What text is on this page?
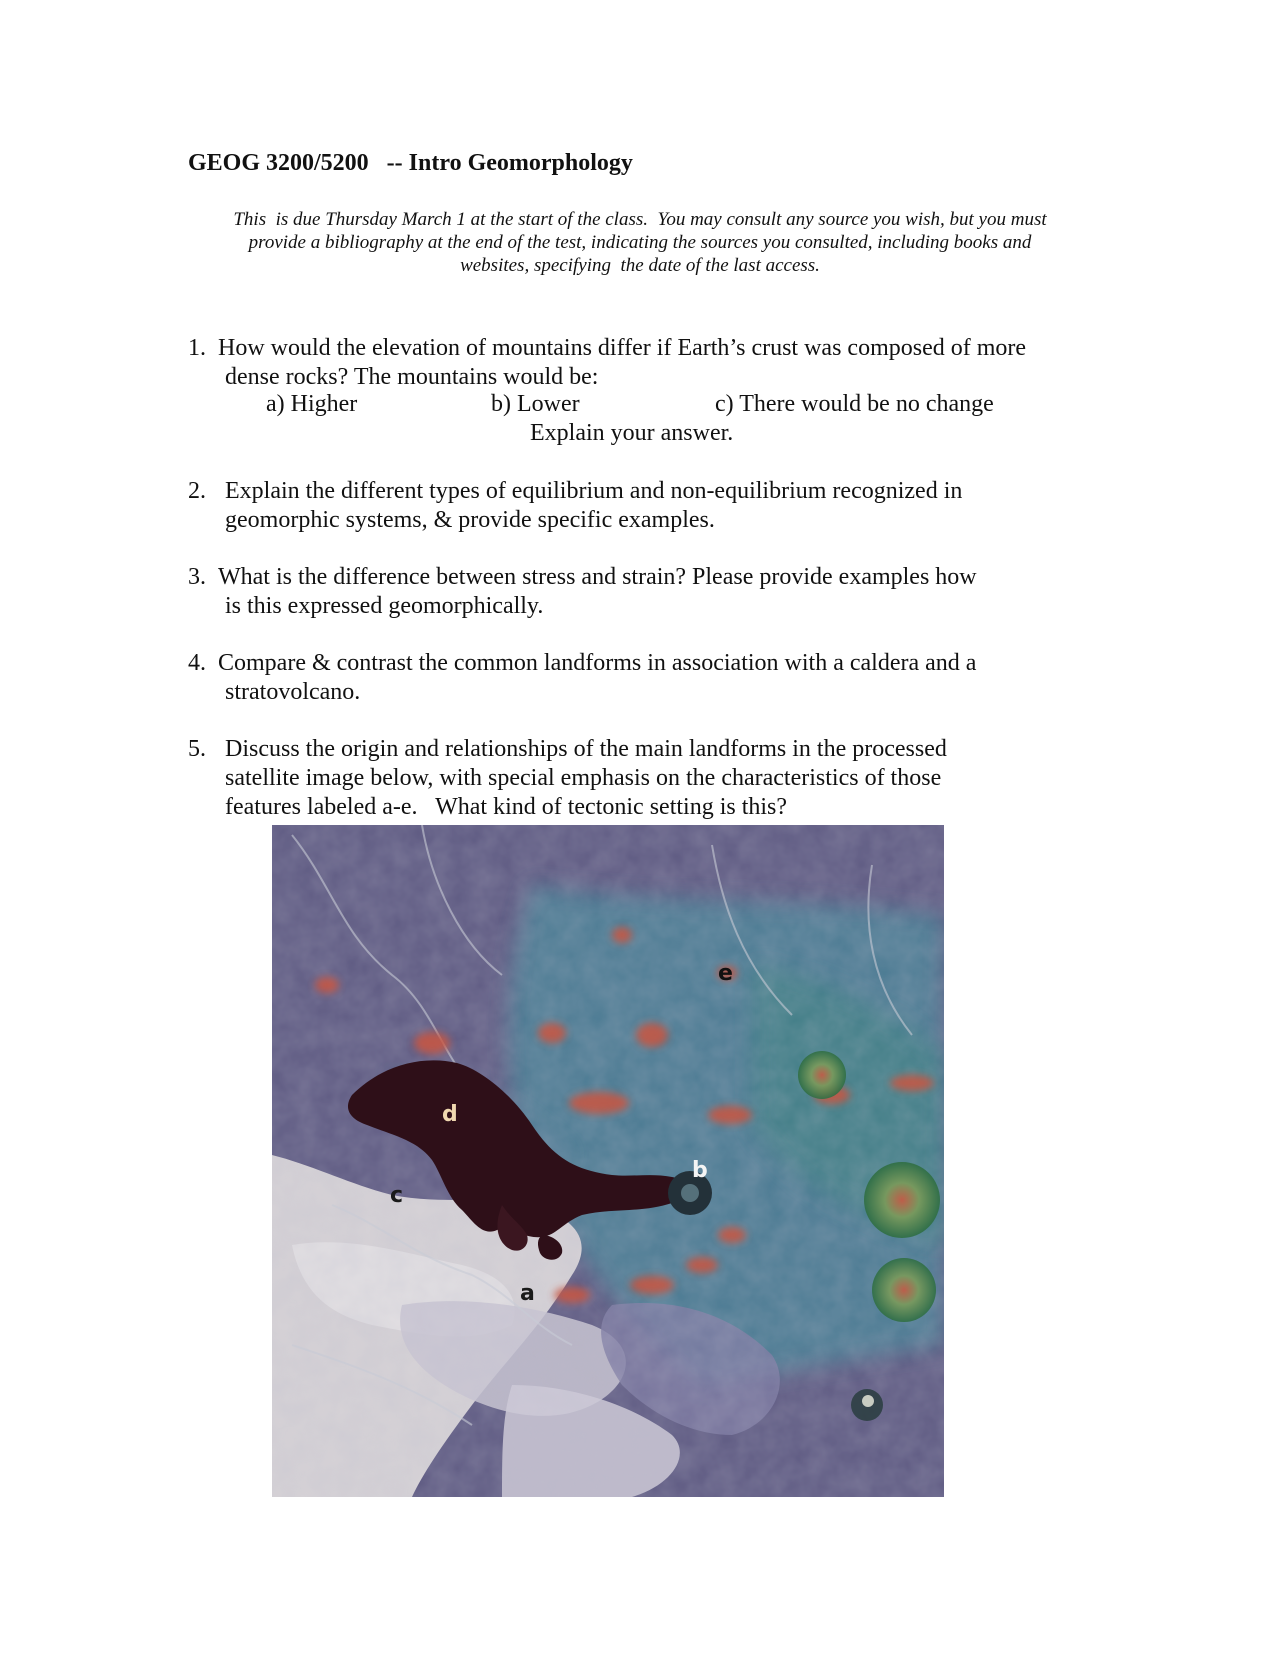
GEOG 3200/5200   -- Intro Geomorphology
This  is due Thursday March 1 at the start of the class.  You may consult any source you wish, but you must
provide a bibliography at the end of the test, indicating the sources you consulted, including books and
websites, specifying  the date of the last access.
1. How would the elevation of mountains differ if Earth’s crust was composed of more
dense rocks? The mountains would be:
a) Higher	b) Lower	c) There would be no change
Explain your answer.
2. Explain the different types of equilibrium and non-equilibrium recognized in
geomorphic systems, & provide specific examples.
3. What is the difference between stress and strain? Please provide examples how
is this expressed geomorphically.
4. Compare & contrast the common landforms in association with a caldera and a
stratovolcano.
5. Discuss the origin and relationships of the main landforms in the processed
satellite image below, with special emphasis on the characteristics of those
features labeled a-e.   What kind of tectonic setting is this?
e
d
b
c
a
